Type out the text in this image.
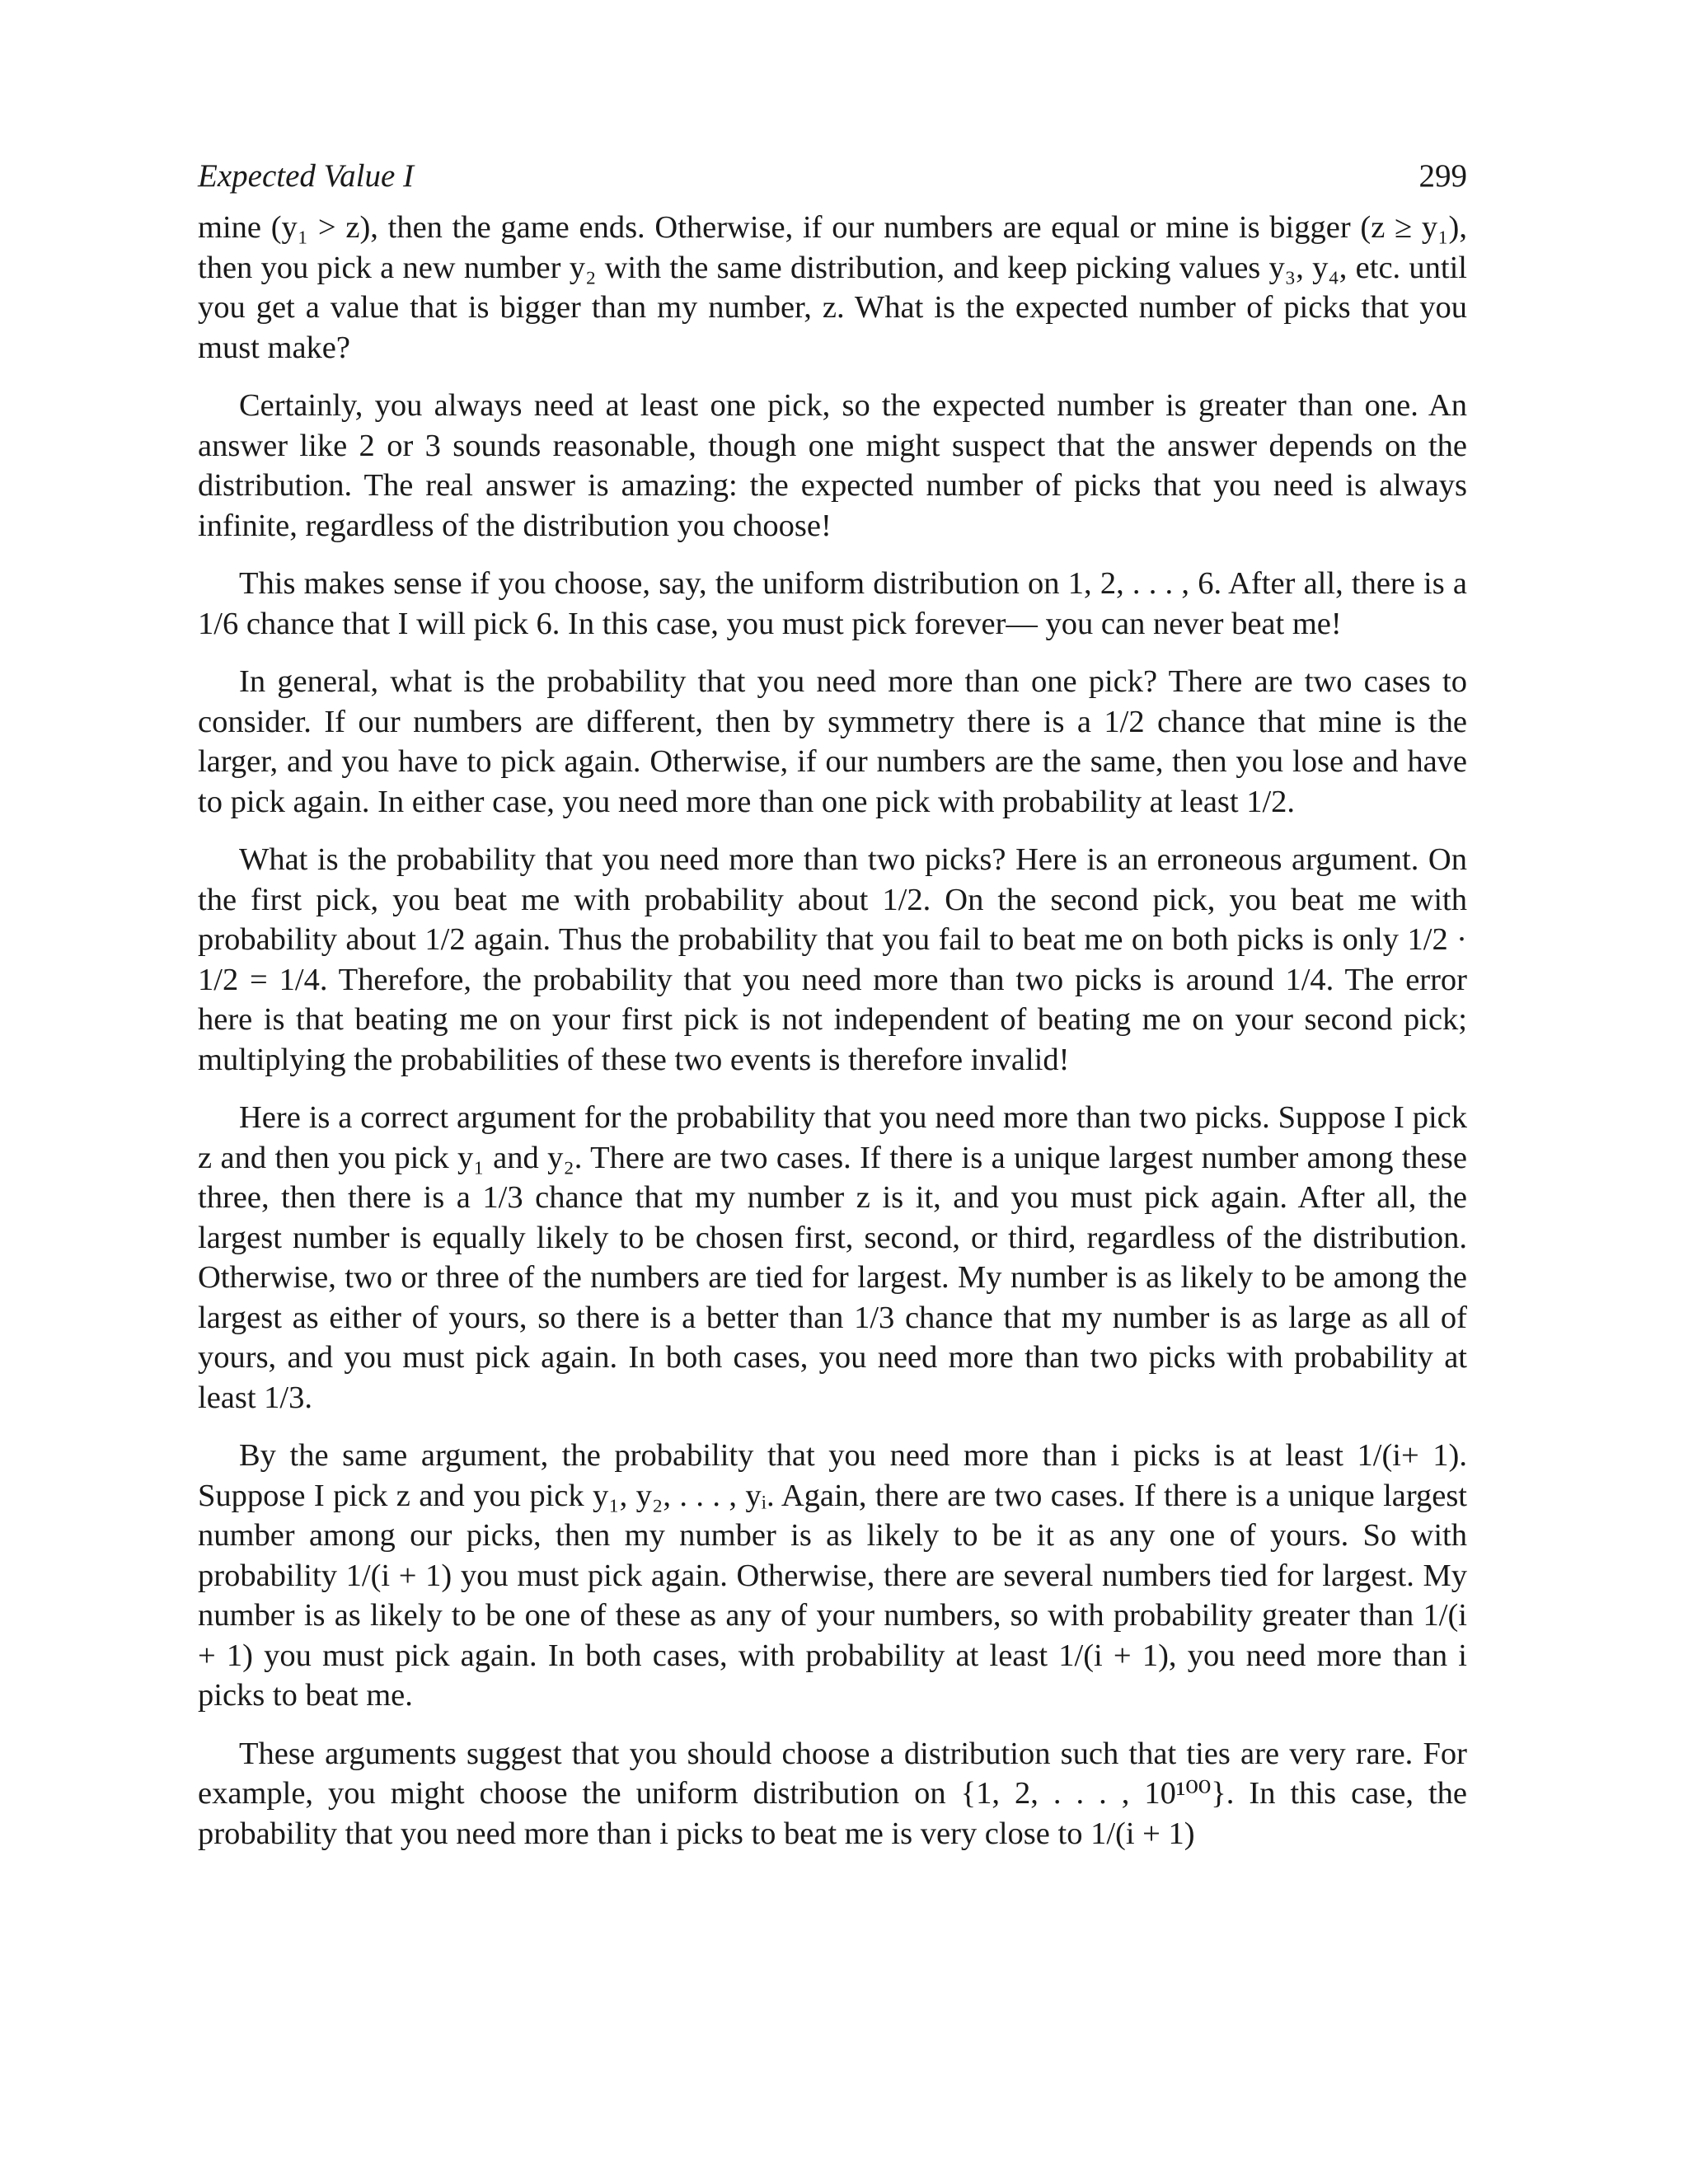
Expected Value I	299

mine (y₁ > z), then the game ends. Otherwise, if our numbers are equal or mine is bigger (z ≥ y₁), then you pick a new number y₂ with the same distribution, and keep picking values y₃, y₄, etc. until you get a value that is bigger than my number, z. What is the expected number of picks that you must make?

Certainly, you always need at least one pick, so the expected number is greater than one. An answer like 2 or 3 sounds reasonable, though one might suspect that the answer depends on the distribution. The real answer is amazing: the expected number of picks that you need is always infinite, regardless of the distribution you choose!

This makes sense if you choose, say, the uniform distribution on 1, 2, . . . , 6. After all, there is a 1/6 chance that I will pick 6. In this case, you must pick forever— you can never beat me!

In general, what is the probability that you need more than one pick? There are two cases to consider. If our numbers are different, then by symmetry there is a 1/2 chance that mine is the larger, and you have to pick again. Otherwise, if our numbers are the same, then you lose and have to pick again. In either case, you need more than one pick with probability at least 1/2.

What is the probability that you need more than two picks? Here is an erroneous argument. On the first pick, you beat me with probability about 1/2. On the second pick, you beat me with probability about 1/2 again. Thus the probability that you fail to beat me on both picks is only 1/2 · 1/2 = 1/4. Therefore, the probability that you need more than two picks is around 1/4. The error here is that beating me on your first pick is not independent of beating me on your second pick; multiplying the probabilities of these two events is therefore invalid!

Here is a correct argument for the probability that you need more than two picks. Suppose I pick z and then you pick y₁ and y₂. There are two cases. If there is a unique largest number among these three, then there is a 1/3 chance that my number z is it, and you must pick again. After all, the largest number is equally likely to be chosen first, second, or third, regardless of the distribution. Otherwise, two or three of the numbers are tied for largest. My number is as likely to be among the largest as either of yours, so there is a better than 1/3 chance that my number is as large as all of yours, and you must pick again. In both cases, you need more than two picks with probability at least 1/3.

By the same argument, the probability that you need more than i picks is at least 1/(i+ 1). Suppose I pick z and you pick y₁, y₂, . . . , yᵢ. Again, there are two cases. If there is a unique largest number among our picks, then my number is as likely to be it as any one of yours. So with probability 1/(i + 1) you must pick again. Otherwise, there are several numbers tied for largest. My number is as likely to be one of these as any of your numbers, so with probability greater than 1/(i + 1) you must pick again. In both cases, with probability at least 1/(i + 1), you need more than i picks to beat me.

These arguments suggest that you should choose a distribution such that ties are very rare. For example, you might choose the uniform distribution on {1, 2, . . . , 10¹⁰⁰}. In this case, the probability that you need more than i picks to beat me is very close to 1/(i + 1)
